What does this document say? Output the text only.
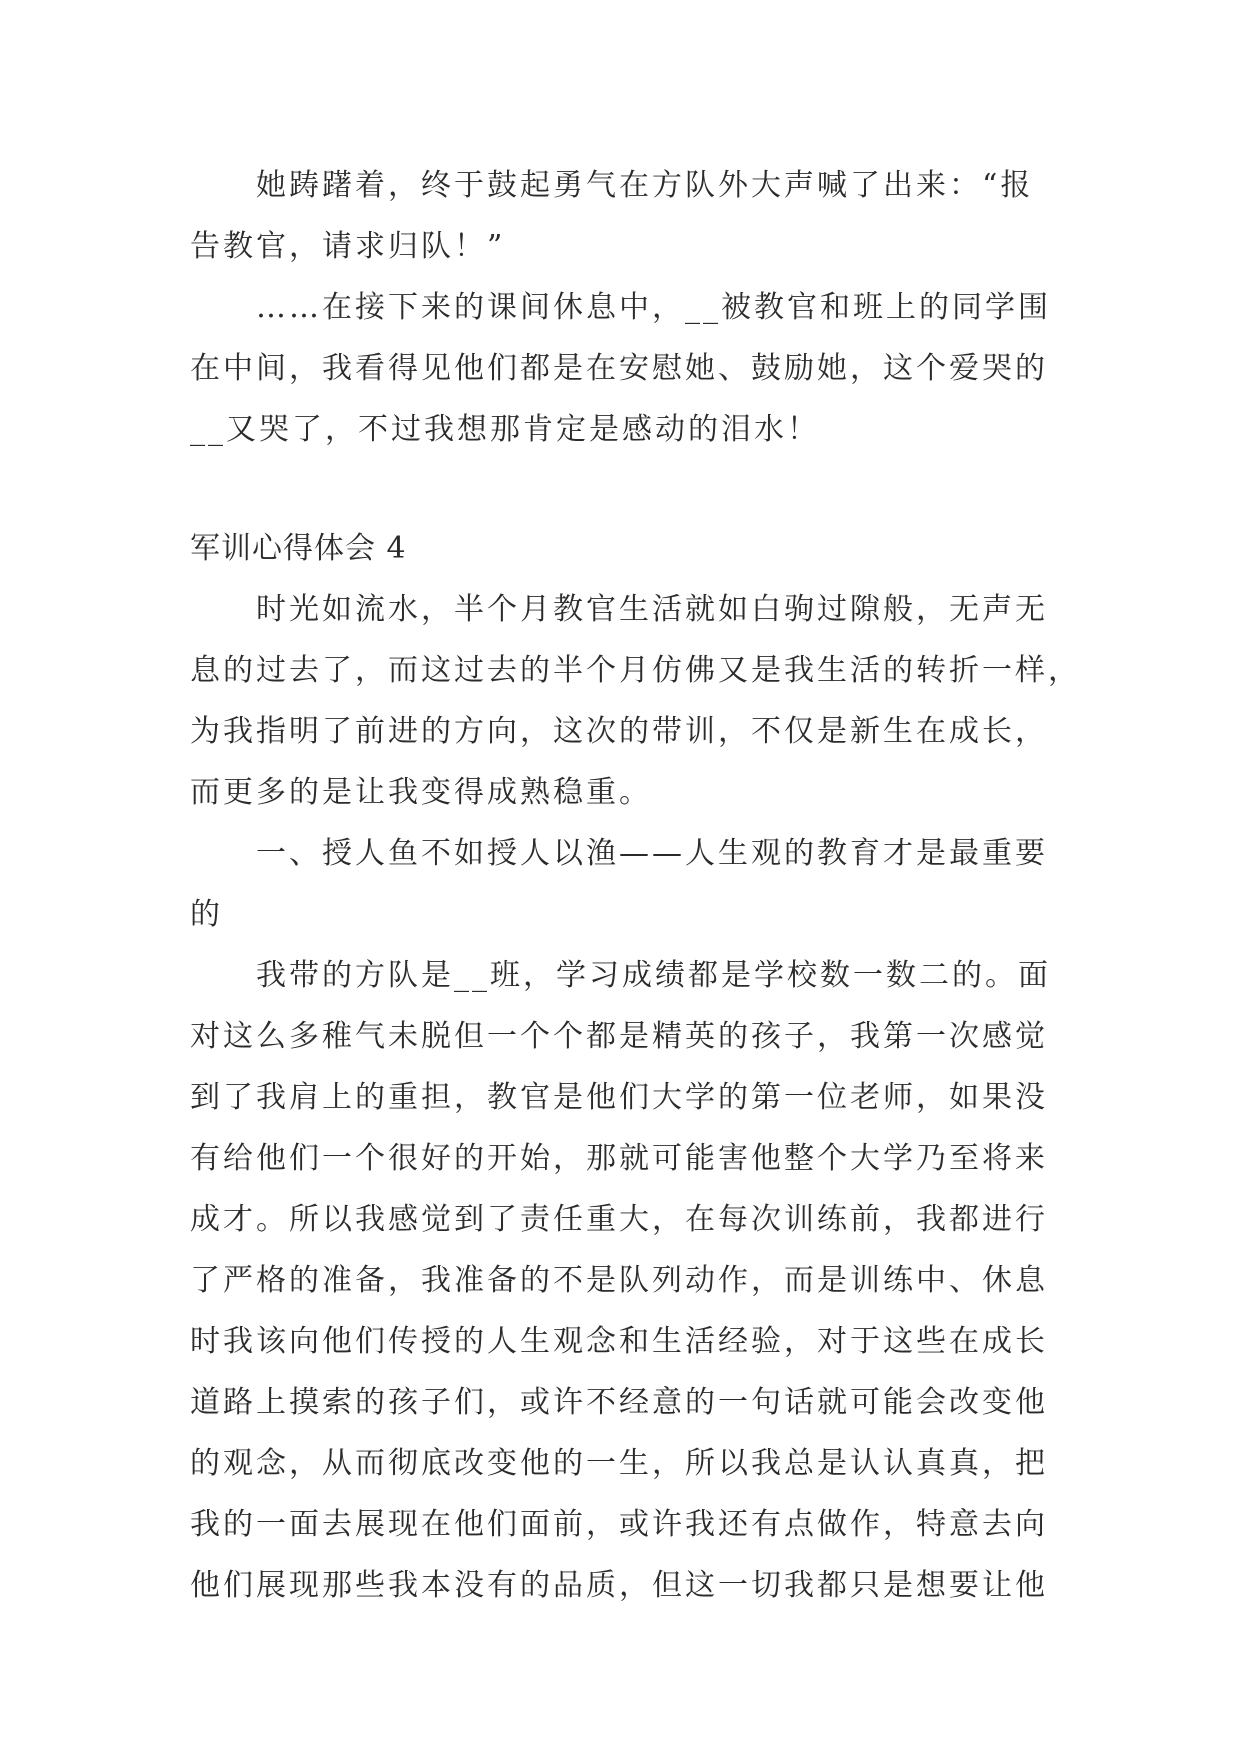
她踌躇着，终于鼓起勇气在方队外大声喊了出来：“报
告教官，请求归队！”
……在接下来的课间休息中，__被教官和班上的同学围
在中间，我看得见他们都是在安慰她、鼓励她，这个爱哭的
__又哭了，不过我想那肯定是感动的泪水！
军训心得体会 4
时光如流水，半个月教官生活就如白驹过隙般，无声无
息的过去了，而这过去的半个月仿佛又是我生活的转折一样，
为我指明了前进的方向，这次的带训，不仅是新生在成长，
而更多的是让我变得成熟稳重。
一、授人鱼不如授人以渔——人生观的教育才是最重要
的
我带的方队是__班，学习成绩都是学校数一数二的。面
对这么多稚气未脱但一个个都是精英的孩子，我第一次感觉
到了我肩上的重担，教官是他们大学的第一位老师，如果没
有给他们一个很好的开始，那就可能害他整个大学乃至将来
成才。所以我感觉到了责任重大，在每次训练前，我都进行
了严格的准备，我准备的不是队列动作，而是训练中、休息
时我该向他们传授的人生观念和生活经验，对于这些在成长
道路上摸索的孩子们，或许不经意的一句话就可能会改变他
的观念，从而彻底改变他的一生，所以我总是认认真真，把
我的一面去展现在他们面前，或许我还有点做作，特意去向
他们展现那些我本没有的品质，但这一切我都只是想要让他
